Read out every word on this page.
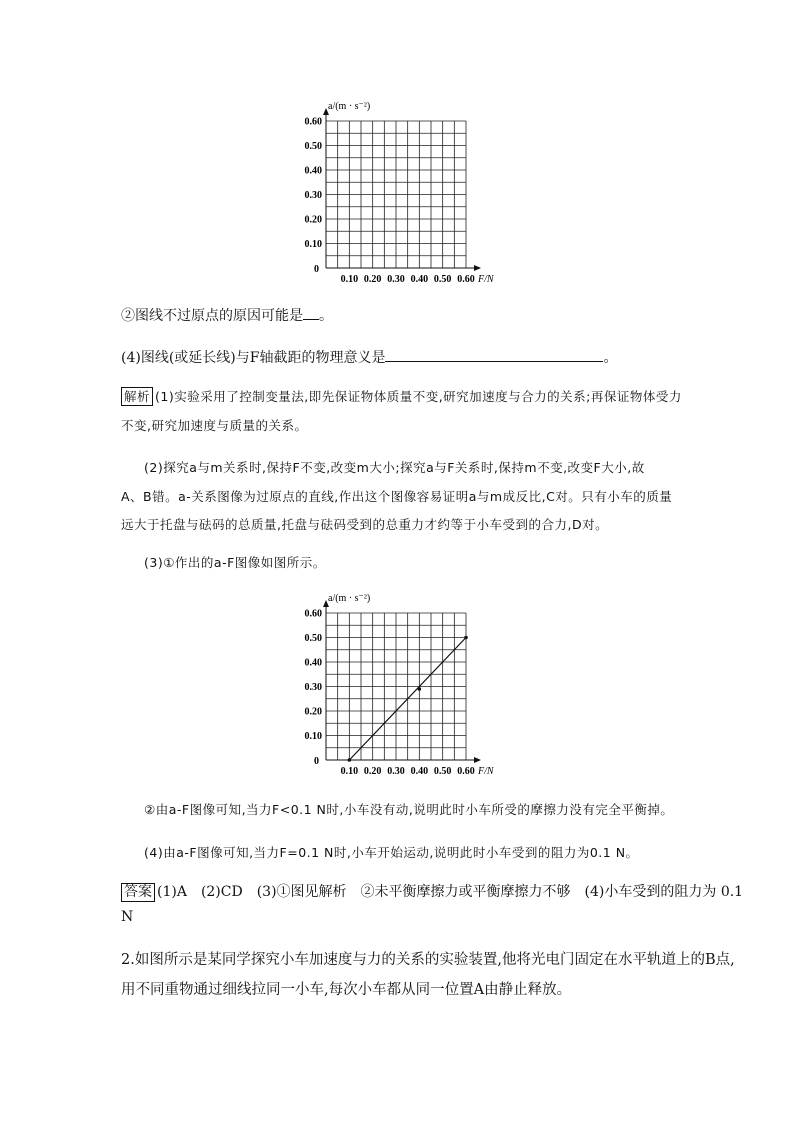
a/(m · s⁻²)
F/N
0
0.10 0.20 0.30 0.40 0.50 0.60
0.60
0.50
0.40
0.30
0.20
0.10
②图线不过原点的原因可能是 。
(4)图线(或延长线)与F轴截距的物理意义是	。
解析 (1)实验采用了控制变量法,即先保证物体质量不变,研究加速度与合力的关系;再保证物体受力
不变,研究加速度与质量的关系。
(2)探究a与m关系时,保持F不变,改变m大小;探究a与F关系时,保持m不变,改变F大小,故
A、B错。a-关系图像为过原点的直线,作出这个图像容易证明a与m成反比,C对。只有小车的质量
远大于托盘与砝码的总质量,托盘与砝码受到的总重力才约等于小车受到的合力,D对。
(3)①作出的a-F图像如图所示。
a/(m · s⁻²)
F/N
0
0.10 0.20 0.30 0.40 0.50 0.60
0.60
0.50
0.40
0.30
0.20
0.10
②由a-F图像可知,当力F<0.1 N时,小车没有动,说明此时小车所受的摩擦力没有完全平衡掉。
(4)由a-F图像可知,当力F=0.1 N时,小车开始运动,说明此时小车受到的阻力为0.1 N。
答案 (1)A　(2)CD　(3)①图见解析　②未平衡摩擦力或平衡摩擦力不够　(4)小车受到的阻力为 0.1
N
2.如图所示是某同学探究小车加速度与力的关系的实验装置,他将光电门固定在水平轨道上的B点,
用不同重物通过细线拉同一小车,每次小车都从同一位置A由静止释放。
